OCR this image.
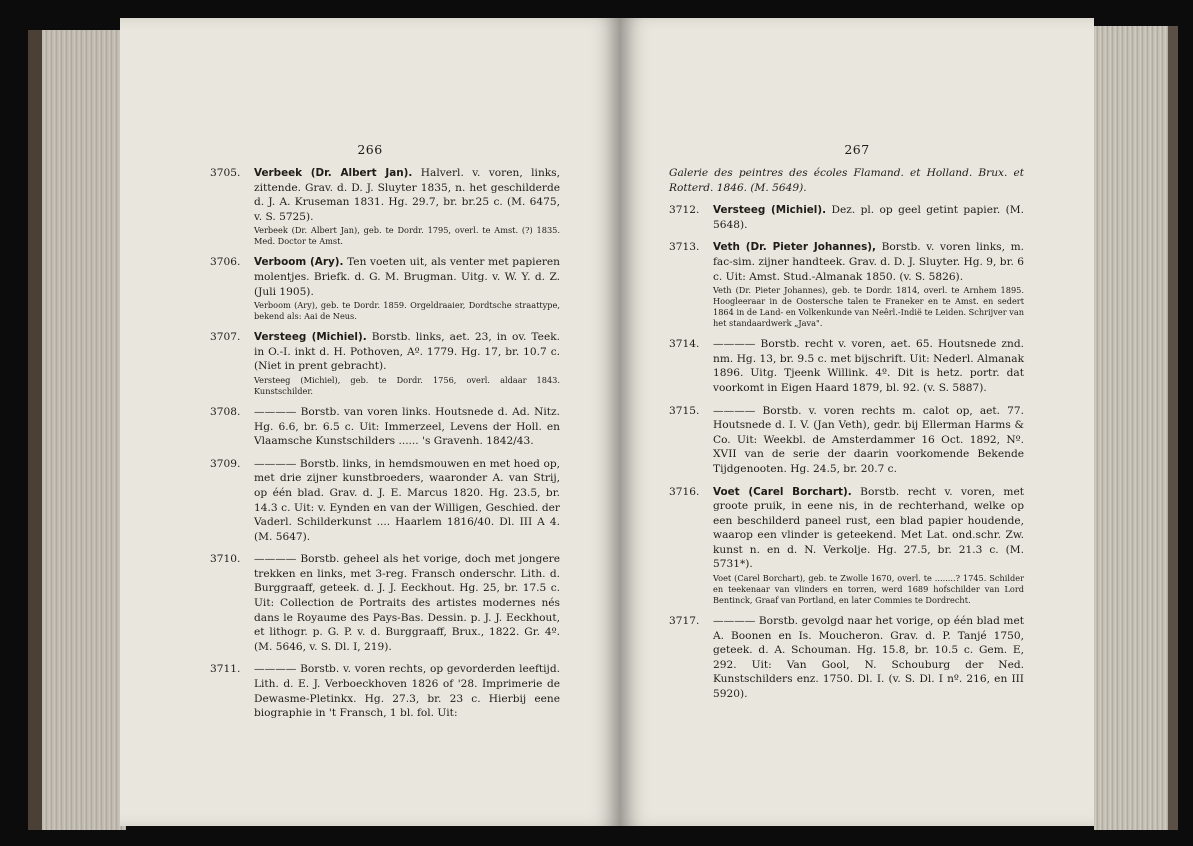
266
3705. Verbeek (Dr. Albert Jan). Halverl. v. voren, links, zittende. Grav. d. D. J. Sluyter 1835, n. het geschilderde d. J. A. Kruseman 1831. Hg. 29.7, br. br.25 c. (M. 6475, v. S. 5725).
Verbeek (Dr. Albert Jan), geb. te Dordr. 1795, overl. te Amst. (?) 1835. Med. Doctor te Amst.
3706. Verboom (Ary). Ten voeten uit, als venter met papieren molentjes. Briefk. d. G. M. Brugman. Uitg. v. W. Y. d. Z. (Juli 1905).
Verboom (Ary), geb. te Dordr. 1859. Orgeldraaier, Dordtsche straattype, bekend als: Aai de Neus.
3707. Versteeg (Michiel). Borstb. links, aet. 23, in ov. Teek. in O.-I. inkt d. H. Pothoven, Aº. 1779. Hg. 17, br. 10.7 c. (Niet in prent gebracht).
Versteeg (Michiel), geb. te Dordr. 1756, overl. aldaar 1843. Kunstschilder.
3708. ———— Borstb. van voren links. Houtsnede d. Ad. Nitz. Hg. 6.6, br. 6.5 c. Uit: Immerzeel, Levens der Holl. en Vlaamsche Kunstschilders ...... 's Gravenh. 1842/43.
3709. ———— Borstb. links, in hemdsmouwen en met hoed op, met drie zijner kunstbroeders, waaronder A. van Strij, op één blad. Grav. d. J. E. Marcus 1820. Hg. 23.5, br. 14.3 c. Uit: v. Eynden en van der Willigen, Geschied. der Vaderl. Schilderkunst .... Haarlem 1816/40. Dl. III A 4. (M. 5647).
3710. ———— Borstb. geheel als het vorige, doch met jongere trekken en links, met 3-reg. Fransch onderschr. Lith. d. Burggraaff, geteek. d. J. J. Eeckhout. Hg. 25, br. 17.5 c. Uit: Collection de Portraits des artistes modernes nés dans le Royaume des Pays-Bas. Dessin. p. J. J. Eeckhout, et lithogr. p. G. P. v. d. Burggraaff, Brux., 1822. Gr. 4º. (M. 5646, v. S. Dl. I, 219).
3711. ———— Borstb. v. voren rechts, op gevorderden leeftijd. Lith. d. E. J. Verboeckhoven 1826 of '28. Imprimerie de Dewasme-Pletinkx. Hg. 27.3, br. 23 c. Hierbij eene biographie in 't Fransch, 1 bl. fol. Uit:
267
Galerie des peintres des écoles Flamand. et Holland. Brux. et Rotterd. 1846. (M. 5649).
3712. Versteeg (Michiel). Dez. pl. op geel getint papier. (M. 5648).
3713. Veth (Dr. Pieter Johannes), Borstb. v. voren links, m. fac-sim. zijner handteek. Grav. d. D. J. Sluyter. Hg. 9, br. 6 c. Uit: Amst. Stud.-Almanak 1850. (v. S. 5826).
Veth (Dr. Pieter Johannes), geb. te Dordr. 1814, overl. te Arnhem 1895. Hoogleeraar in de Oostersche talen te Franeker en te Amst. en sedert 1864 in de Land- en Volkenkunde van Neêrl.-Indië te Leiden. Schrijver van het standaardwerk „Java".
3714. ———— Borstb. recht v. voren, aet. 65. Houtsnede znd. nm. Hg. 13, br. 9.5 c. met bijschrift. Uit: Nederl. Almanak 1896. Uitg. Tjeenk Willink. 4º. Dit is hetz. portr. dat voorkomt in Eigen Haard 1879, bl. 92. (v. S. 5887).
3715. ———— Borstb. v. voren rechts m. calot op, aet. 77. Houtsnede d. I. V. (Jan Veth), gedr. bij Ellerman Harms & Co. Uit: Weekbl. de Amsterdammer 16 Oct. 1892, Nº. XVII van de serie der daarin voorkomende Bekende Tijdgenooten. Hg. 24.5, br. 20.7 c.
3716. Voet (Carel Borchart). Borstb. recht v. voren, met groote pruik, in eene nis, in de rechterhand, welke op een beschilderd paneel rust, een blad papier houdende, waarop een vlinder is geteekend. Met Lat. ond.schr. Zw. kunst n. en d. N. Verkolje. Hg. 27.5, br. 21.3 c. (M. 5731*).
Voet (Carel Borchart), geb. te Zwolle 1670, overl. te ........? 1745. Schilder en teekenaar van vlinders en torren, werd 1689 hofschilder van Lord Bentinck, Graaf van Portland, en later Commies te Dordrecht.
3717. ———— Borstb. gevolgd naar het vorige, op één blad met A. Boonen en Is. Moucheron. Grav. d. P. Tanjé 1750, geteek. d. A. Schouman. Hg. 15.8, br. 10.5 c. Gem. E, 292. Uit: Van Gool, N. Schouburg der Ned. Kunstschilders enz. 1750. Dl. I. (v. S. Dl. I nº. 216, en III 5920).
